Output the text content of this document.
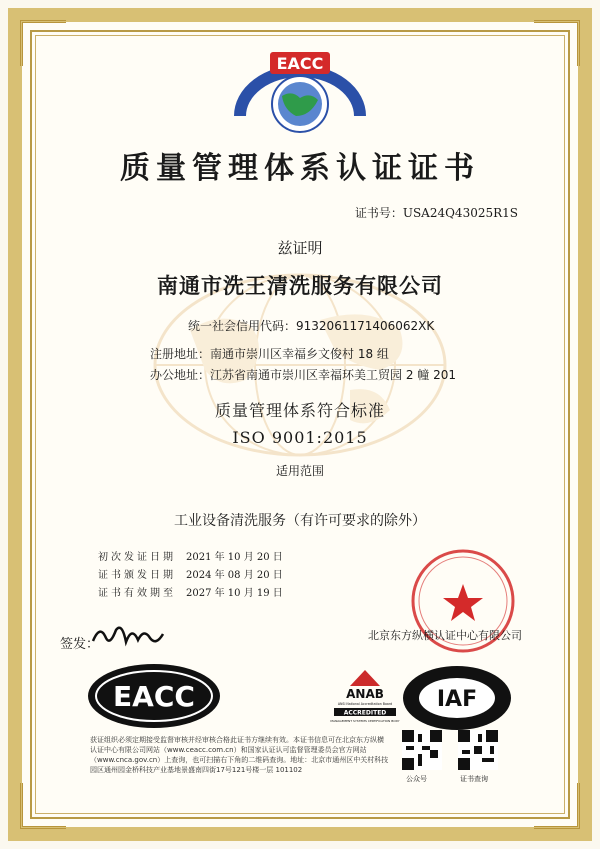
EACC
质量管理体系认证证书
证书号：USA24Q43025R1S
兹证明
南通市洗王清洗服务有限公司
统一社会信用代码：91320611714060​62XK
注册地址：南通市崇川区幸福乡文俊村 18 组
办公地址：江苏省南通市崇川区幸福环美工贸园 2 幢 201
质量管理体系符合标准
ISO 9001:2015
适用范围
工业设备清洗服务（有许可要求的除外）
初次发证日期 2021 年 10 月 20 日
证书颁发日期 2024 年 08 月 20 日
证书有效期至 2027 年 10 月 19 日
北京东方纵横认证中心有限公司
签发：
EACC	ANAB
ANSI National Accreditation Board
ACCREDITED
MANAGEMENT SYSTEMS CERTIFICATION BODY
IAF
获证组织必须定期接受监督审核并经审核合格此证书方继续有效。本证书信息可在北京东方纵横认证中心有限公司网站（www.ceacc.com.cn）和国家认证认可监督管理委员会官方网站（www.cnca.gov.cn）上查询，也可扫描右下角的二维码查询。地址：北京市通州区中关村科技园区通州园金桥科技产业基地景盛南四街17号121号楼一层 101102
公众号	证书查询
